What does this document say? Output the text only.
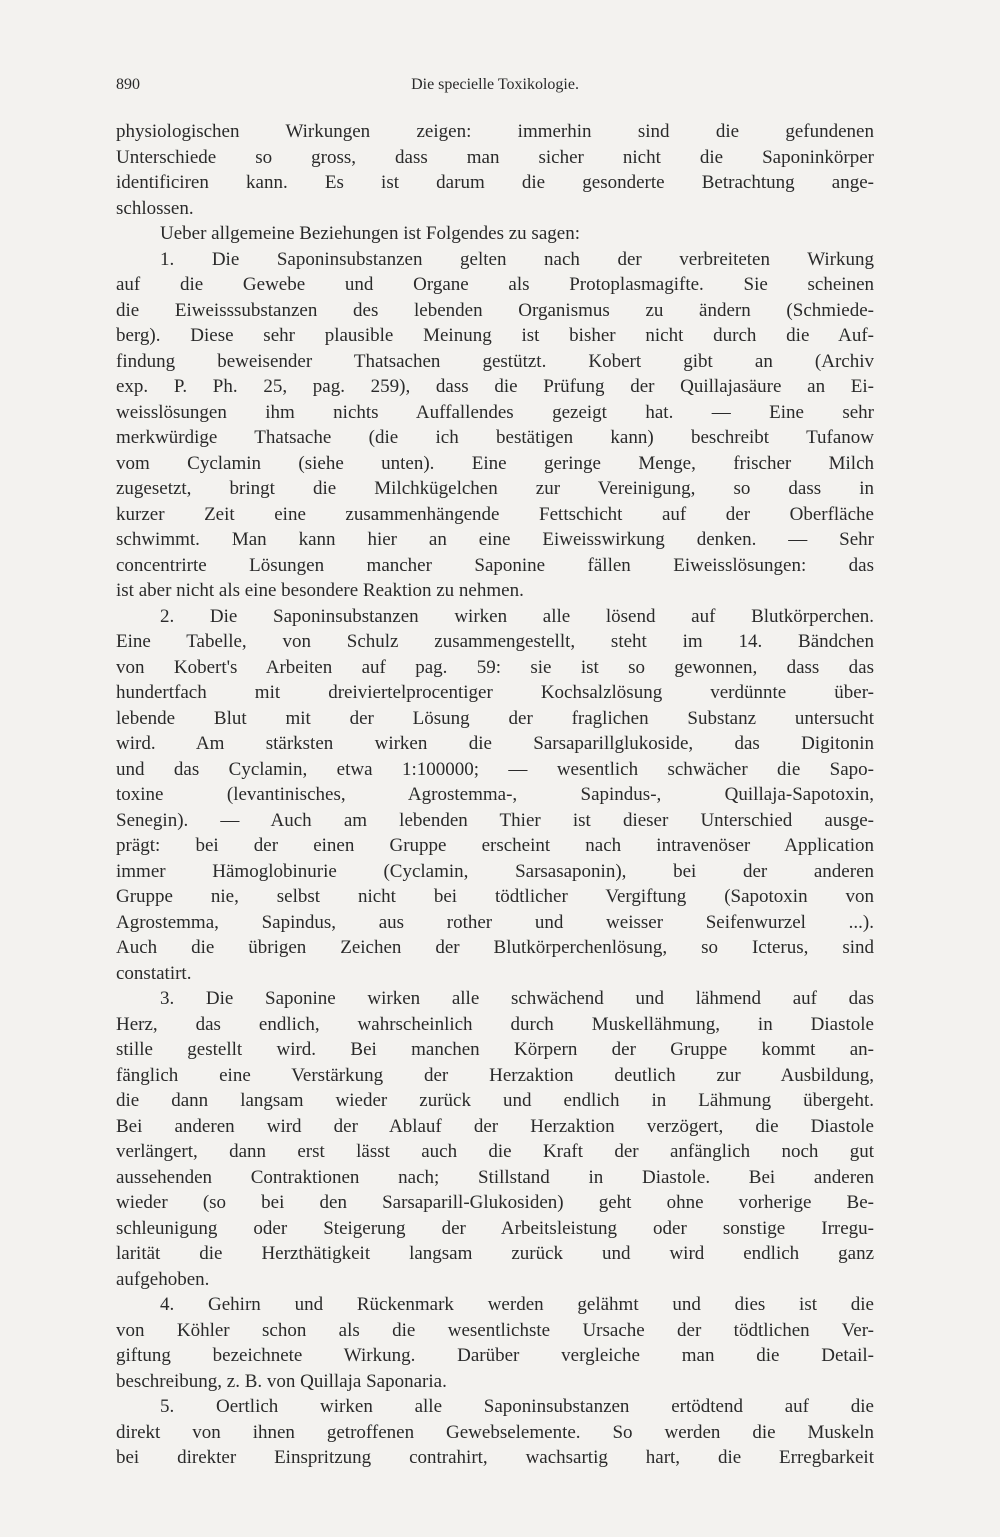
890	Die specielle Toxikologie.
physiologischen Wirkungen zeigen: immerhin sind die gefundenen
Unterschiede so gross, dass man sicher nicht die Saponinkörper
identificiren kann. Es ist darum die gesonderte Betrachtung ange-
schlossen.
Ueber allgemeine Beziehungen ist Folgendes zu sagen:
1. Die Saponinsubstanzen gelten nach der verbreiteten Wirkung
auf die Gewebe und Organe als Protoplasmagifte. Sie scheinen
die Eiweisssubstanzen des lebenden Organismus zu ändern (Schmiede-
berg). Diese sehr plausible Meinung ist bisher nicht durch die Auf-
findung beweisender Thatsachen gestützt. Kobert gibt an (Archiv
exp. P. Ph. 25, pag. 259), dass die Prüfung der Quillajasäure an Ei-
weisslösungen ihm nichts Auffallendes gezeigt hat. — Eine sehr
merkwürdige Thatsache (die ich bestätigen kann) beschreibt Tufanow
vom Cyclamin (siehe unten). Eine geringe Menge, frischer Milch
zugesetzt, bringt die Milchkügelchen zur Vereinigung, so dass in
kurzer Zeit eine zusammenhängende Fettschicht auf der Oberfläche
schwimmt. Man kann hier an eine Eiweisswirkung denken. — Sehr
concentrirte Lösungen mancher Saponine fällen Eiweisslösungen: das
ist aber nicht als eine besondere Reaktion zu nehmen.
2. Die Saponinsubstanzen wirken alle lösend auf Blutkörperchen.
Eine Tabelle, von Schulz zusammengestellt, steht im 14. Bändchen
von Kobert's Arbeiten auf pag. 59: sie ist so gewonnen, dass das
hundertfach mit dreiviertelprocentiger Kochsalzlösung verdünnte über-
lebende Blut mit der Lösung der fraglichen Substanz untersucht
wird. Am stärksten wirken die Sarsaparillglukoside, das Digitonin
und das Cyclamin, etwa 1:100000; — wesentlich schwächer die Sapo-
toxine (levantinisches, Agrostemma-, Sapindus-, Quillaja-Sapotoxin,
Senegin). — Auch am lebenden Thier ist dieser Unterschied ausge-
prägt: bei der einen Gruppe erscheint nach intravenöser Application
immer Hämoglobinurie (Cyclamin, Sarsasaponin), bei der anderen
Gruppe nie, selbst nicht bei tödtlicher Vergiftung (Sapotoxin von
Agrostemma, Sapindus, aus rother und weisser Seifenwurzel ...).
Auch die übrigen Zeichen der Blutkörperchenlösung, so Icterus, sind
constatirt.
3. Die Saponine wirken alle schwächend und lähmend auf das
Herz, das endlich, wahrscheinlich durch Muskellähmung, in Diastole
stille gestellt wird. Bei manchen Körpern der Gruppe kommt an-
fänglich eine Verstärkung der Herzaktion deutlich zur Ausbildung,
die dann langsam wieder zurück und endlich in Lähmung übergeht.
Bei anderen wird der Ablauf der Herzaktion verzögert, die Diastole
verlängert, dann erst lässt auch die Kraft der anfänglich noch gut
aussehenden Contraktionen nach; Stillstand in Diastole. Bei anderen
wieder (so bei den Sarsaparill-Glukosiden) geht ohne vorherige Be-
schleunigung oder Steigerung der Arbeitsleistung oder sonstige Irregu-
larität die Herzthätigkeit langsam zurück und wird endlich ganz
aufgehoben.
4. Gehirn und Rückenmark werden gelähmt und dies ist die
von Köhler schon als die wesentlichste Ursache der tödtlichen Ver-
giftung bezeichnete Wirkung. Darüber vergleiche man die Detail-
beschreibung, z. B. von Quillaja Saponaria.
5. Oertlich wirken alle Saponinsubstanzen ertödtend auf die
direkt von ihnen getroffenen Gewebselemente. So werden die Muskeln
bei direkter Einspritzung contrahirt, wachsartig hart, die Erregbarkeit
